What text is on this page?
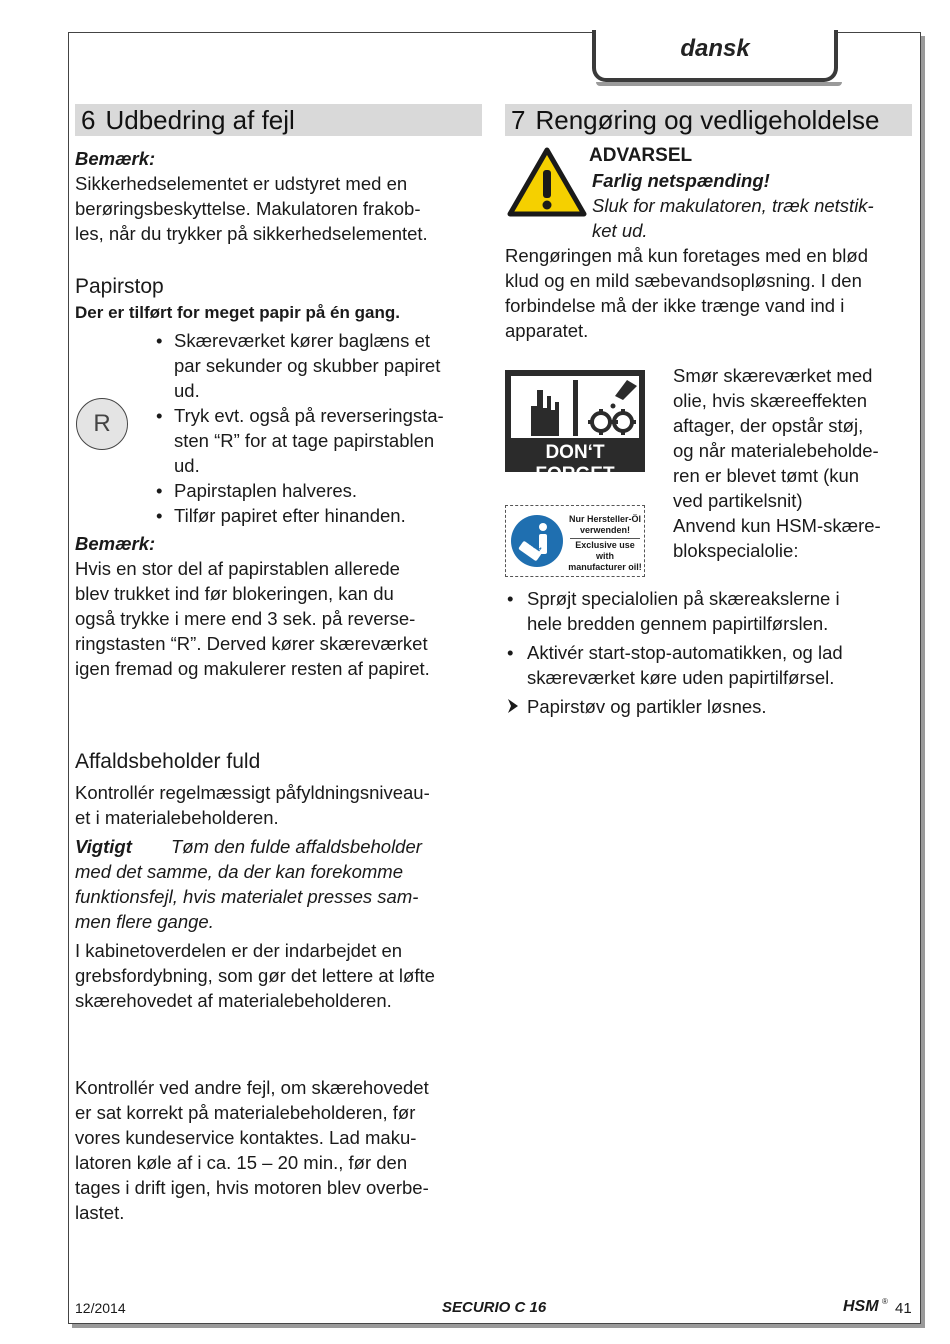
dansk
6 Udbedring af fejl
Bemærk:
Sikkerhedselementet er udstyret med en
berøringsbeskyttelse. Makulatoren frakob-
les, når du trykker på sikkerhedselementet.
Papirstop
Der er tilført for meget papir på én gang.
R
• Skæreværket kører baglæns et
par sekunder og skubber papiret
ud.
• Tryk evt. også på reverseringsta-
sten “R” for at tage papirstablen
ud.
• Papirstaplen halveres.
• Tilfør papiret efter hinanden.
Bemærk:
Hvis en stor del af papirstablen allerede
blev trukket ind før blokeringen, kan du
også trykke i mere end 3 sek. på reverse-
ringstasten “R”. Derved kører skæreværket
igen fremad og makulerer resten af papiret.
Affaldsbeholder fuld
Kontrollér regelmæssigt påfyldningsniveau-
et i materialebeholderen.
Vigtigt Tøm den fulde affaldsbeholder
med det samme, da der kan forekomme
funktionsfejl, hvis materialet presses sam-
men flere gange.
I kabinetoverdelen er der indarbejdet en
grebsfordybning, som gør det lettere at løfte
skærehovedet af materialebeholderen.
Kontrollér ved andre fejl, om skærehovedet
er sat korrekt på materialebeholderen, før
vores kundeservice kontaktes. Lad maku-
latoren køle af i ca. 15 – 20 min., før den
tages i drift igen, hvis motoren blev overbe-
lastet.
7 Rengøring og vedligeholdelse
ADVARSEL
Farlig netspænding!
Sluk for makulatoren, træk netstik-
ket ud.
Rengøringen må kun foretages med en blød
klud og en mild sæbevandsopløsning. I den
forbindelse må der ikke trænge vand ind i
apparatet.
DON‘T FORGET
Smør skæreværket med
olie, hvis skæreeffekten
aftager, der opstår støj,
og når materialebeholde-
ren er blevet tømt (kun
ved partikelsnit)
Anvend kun HSM-skære-
blokspecialolie:
HSM
Nur Hersteller-Öl
verwenden!
Exclusive use with
manufacturer oil!
• Sprøjt specialolien på skæreakslerne i
hele bredden gennem papirtilførslen.
• Aktivér start-stop-automatikken, og lad
skæreværket køre uden papirtilførsel.
Papirstøv og partikler løsnes.
12/2014	SECURIO C 16	HSM ® 41
